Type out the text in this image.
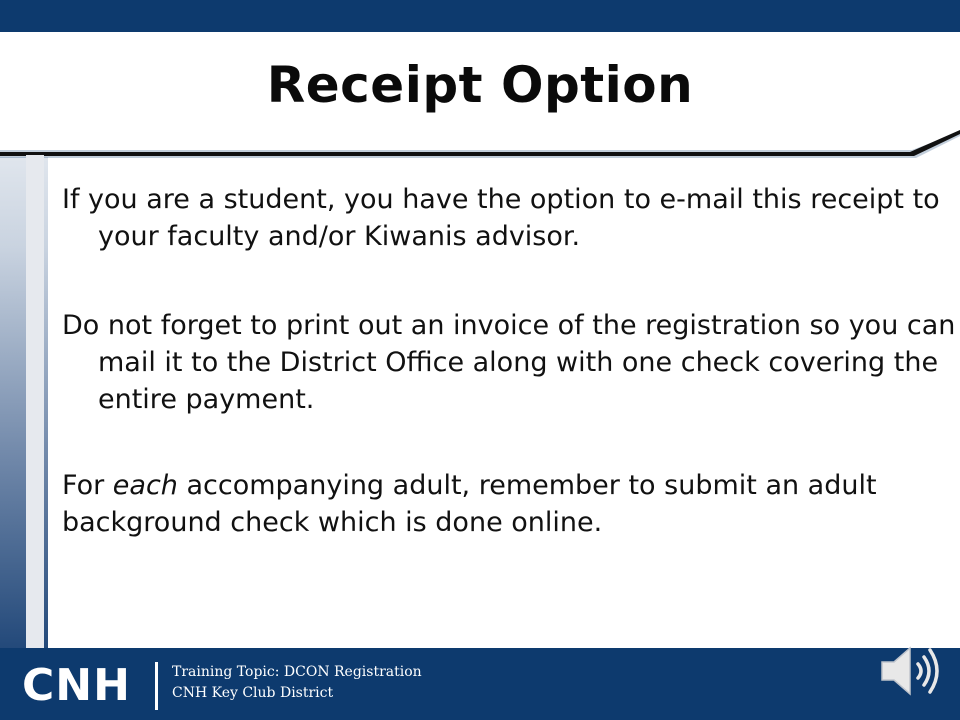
Receipt Option
If you are a student, you have the option to e-mail this receipt to your faculty and/or Kiwanis advisor.
Do not forget to print out an invoice of the registration so you can mail it to the District Office along with one check covering the entire payment.
For each accompanying adult, remember to submit an adult background check which is done online.
CNH	Training Topic: DCON Registration
CNH Key Club District
